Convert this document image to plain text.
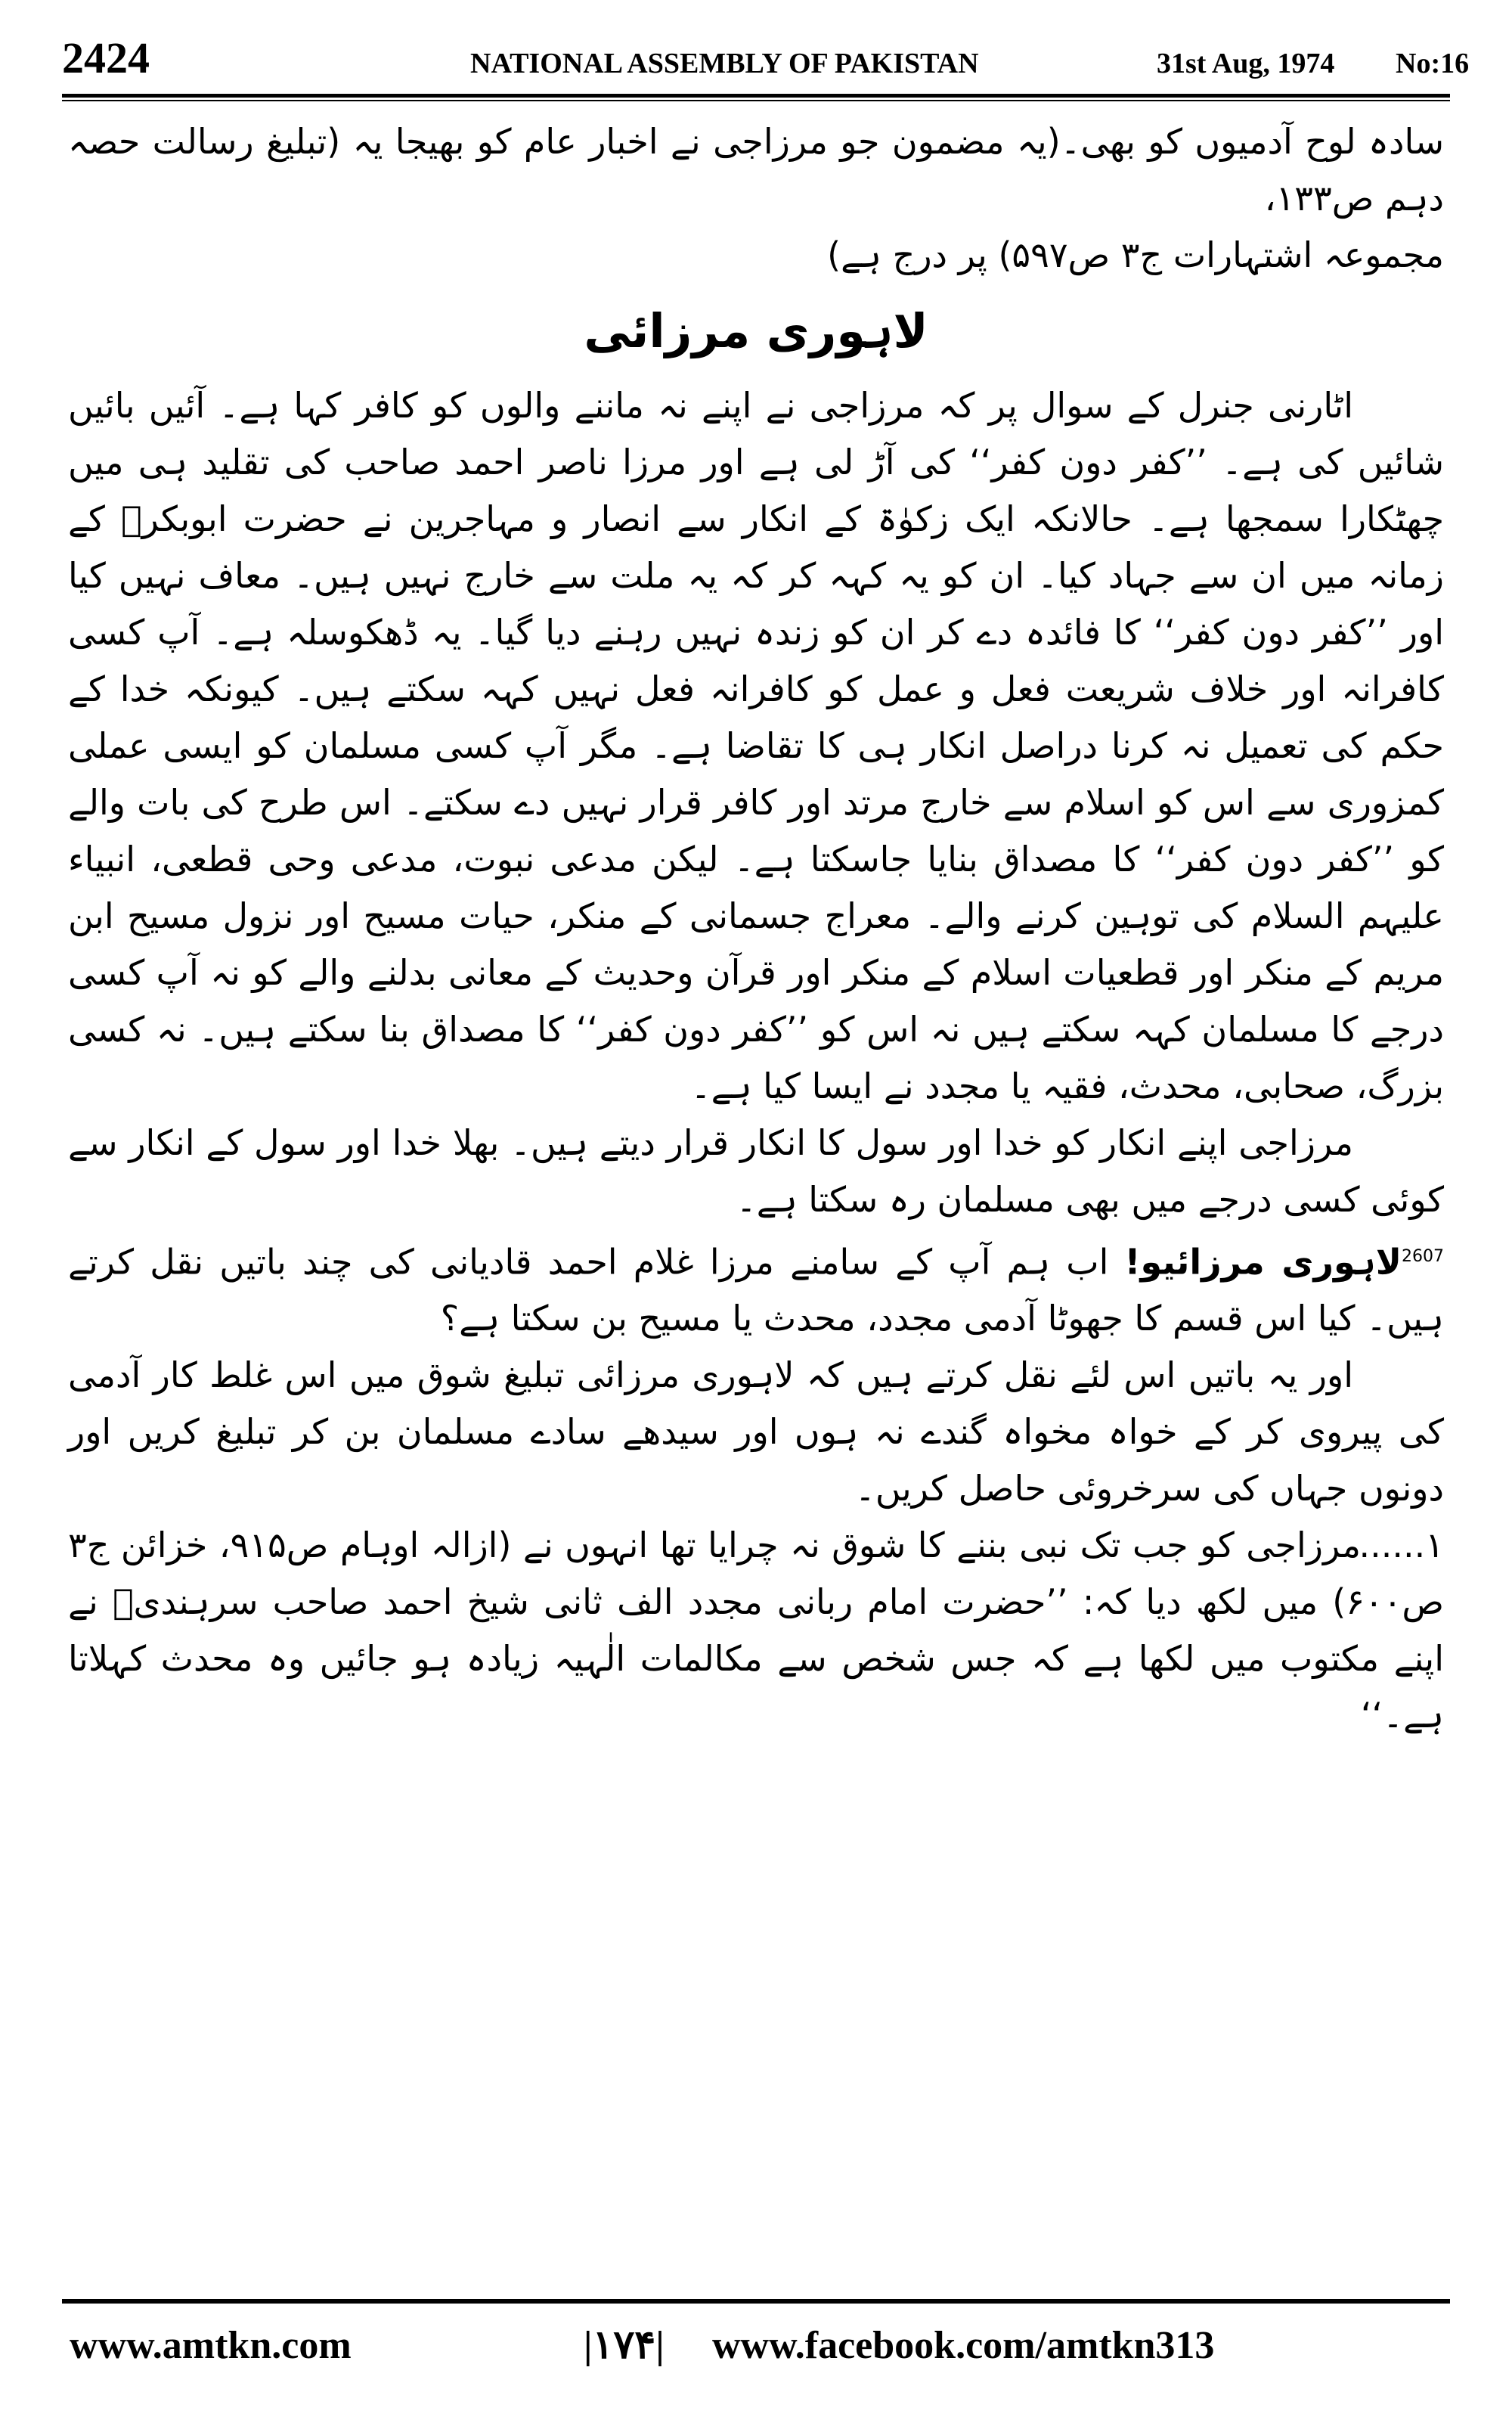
2424	NATIONAL ASSEMBLY OF PAKISTAN	31st Aug, 1974 No:16

سادہ لوح آدمیوں کو بھی۔(یہ مضمون جو مرزاجی نے اخبار عام کو بھیجا یہ (تبلیغ رسالت حصہ دہم ص۱۳۳،

مجموعہ اشتہارات ج۳ ص۵۹۷) پر درج ہے)

لاہوری مرزائی

اٹارنی جنرل کے سوال پر کہ مرزاجی نے اپنے نہ ماننے والوں کو کافر کہا ہے۔ آئیں بائیں شائیں کی ہے۔ ’’کفر دون کفر‘‘ کی آڑ لی ہے اور مرزا ناصر احمد صاحب کی تقلید ہی میں چھٹکارا سمجھا ہے۔ حالانکہ ایک زکوٰۃ کے انکار سے انصار و مہاجرین نے حضرت ابوبکرؓ کے زمانہ میں ان سے جہاد کیا۔ ان کو یہ کہہ کر کہ یہ ملت سے خارج نہیں ہیں۔ معاف نہیں کیا اور ’’کفر دون کفر‘‘ کا فائدہ دے کر ان کو زندہ نہیں رہنے دیا گیا۔ یہ ڈھکوسلہ ہے۔ آپ کسی کافرانہ اور خلاف شریعت فعل و عمل کو کافرانہ فعل نہیں کہہ سکتے ہیں۔ کیونکہ خدا کے حکم کی تعمیل نہ کرنا دراصل انکار ہی کا تقاضا ہے۔ مگر آپ کسی مسلمان کو ایسی عملی کمزوری سے اس کو اسلام سے خارج مرتد اور کافر قرار نہیں دے سکتے۔ اس طرح کی بات والے کو ’’کفر دون کفر‘‘ کا مصداق بنایا جاسکتا ہے۔ لیکن مدعی نبوت، مدعی وحی قطعی، انبیاء علیہم السلام کی توہین کرنے والے۔ معراج جسمانی کے منکر، حیات مسیح اور نزول مسیح ابن مریم کے منکر اور قطعیات اسلام کے منکر اور قرآن وحدیث کے معانی بدلنے والے کو نہ آپ کسی درجے کا مسلمان کہہ سکتے ہیں نہ اس کو ’’کفر دون کفر‘‘ کا مصداق بنا سکتے ہیں۔ نہ کسی بزرگ، صحابی، محدث، فقیہ یا مجدد نے ایسا کیا ہے۔

مرزاجی اپنے انکار کو خدا اور سول کا انکار قرار دیتے ہیں۔ بھلا خدا اور سول کے انکار سے کوئی کسی درجے میں بھی مسلمان رہ سکتا ہے۔

$^{2607}$لاہوری مرزائیو! اب ہم آپ کے سامنے مرزا غلام احمد قادیانی کی چند باتیں نقل کرتے ہیں۔ کیا اس قسم کا جھوٹا آدمی مجدد، محدث یا مسیح بن سکتا ہے؟

اور یہ باتیں اس لئے نقل کرتے ہیں کہ لاہوری مرزائی تبلیغ شوق میں اس غلط کار آدمی کی پیروی کر کے خواہ مخواہ گندے نہ ہوں اور سیدھے سادے مسلمان بن کر تبلیغ کریں اور دونوں جہاں کی سرخروئی حاصل کریں۔

۱......مرزاجی کو جب تک نبی بننے کا شوق نہ چرایا تھا انہوں نے (ازالہ اوہام ص۹۱۵، خزائن ج۳ ص۶۰۰) میں لکھ دیا کہ: ’’حضرت امام ربانی مجدد الف ثانی شیخ احمد صاحب سرہندیؒ نے اپنے مکتوب میں لکھا ہے کہ جس شخص سے مکالمات الٰہیہ زیادہ ہو جائیں وہ محدث کہلاتا ہے۔‘‘

www.amtkn.com	|۱۷۴| www.facebook.com/amtkn313
